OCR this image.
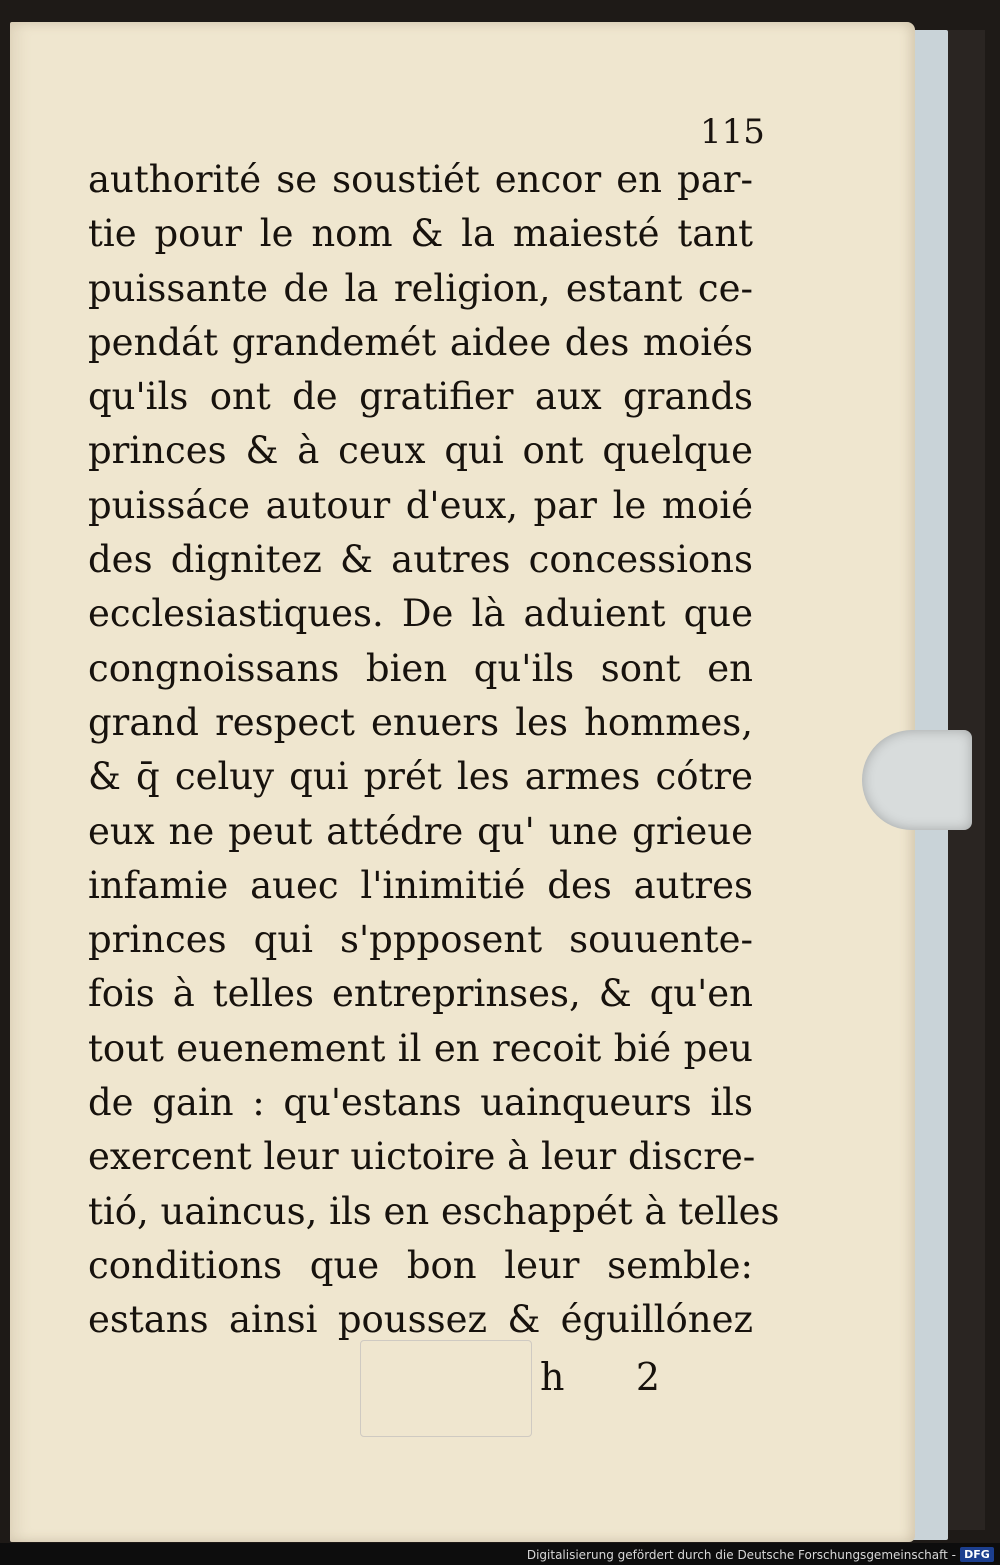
115
authorité se soustiét encor en par-
tie pour le nom & la maiesté tant
puissante de la religion, estant ce-
pendát grandemét aidee des moiés
qu'ils ont de gratifier aux grands
princes & à ceux qui ont quelque
puissáce autour d'eux, par le moié
des dignitez & autres concessions
ecclesiastiques. De là aduient que
congnoissans bien qu'ils sont en
grand respect enuers les hommes,
& q̄ celuy qui prét les armes cótre
eux ne peut attédre qu' une grieue
infamie auec l'inimitié des autres
princes qui s'ppposent souuente-
fois à telles entreprinses, & qu'en
tout euenement il en recoit bié peu
de gain : qu'estans uainqueurs ils
exercent leur uictoire à leur discre-
tió, uaincus, ils en eschappét à telles
conditions que bon leur semble:
estans ainsi poussez & éguillónez
h 2
Digitalisierung gefördert durch die Deutsche Forschungsgemeinschaft - DFG
